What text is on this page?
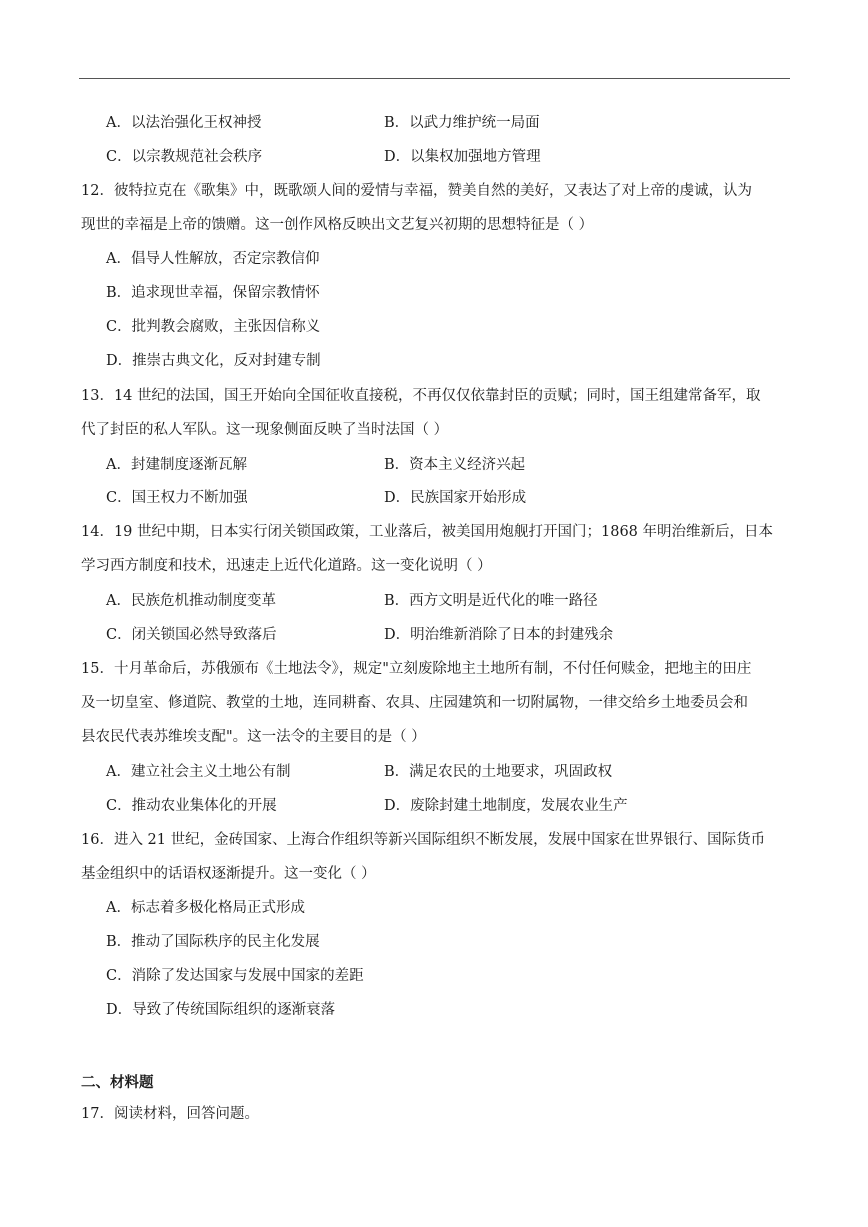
A．以法治强化王权神授	B．以武力维护统一局面
C．以宗教规范社会秩序	D．以集权加强地方管理
12．彼特拉克在《歌集》中，既歌颂人间的爱情与幸福，赞美自然的美好，又表达了对上帝的虔诚，认为
现世的幸福是上帝的馈赠。这一创作风格反映出文艺复兴初期的思想特征是（ ）
A．倡导人性解放，否定宗教信仰
B．追求现世幸福，保留宗教情怀
C．批判教会腐败，主张因信称义
D．推崇古典文化，反对封建专制
13．14 世纪的法国，国王开始向全国征收直接税，不再仅仅依靠封臣的贡赋；同时，国王组建常备军，取
代了封臣的私人军队。这一现象侧面反映了当时法国（ ）
A．封建制度逐渐瓦解	B．资本主义经济兴起
C．国王权力不断加强	D．民族国家开始形成
14．19 世纪中期，日本实行闭关锁国政策，工业落后，被美国用炮舰打开国门；1868 年明治维新后，日本
学习西方制度和技术，迅速走上近代化道路。这一变化说明（ ）
A．民族危机推动制度变革	B．西方文明是近代化的唯一路径
C．闭关锁国必然导致落后	D．明治维新消除了日本的封建残余
15．十月革命后，苏俄颁布《土地法令》，规定"立刻废除地主土地所有制，不付任何赎金，把地主的田庄
及一切皇室、修道院、教堂的土地，连同耕畜、农具、庄园建筑和一切附属物，一律交给乡土地委员会和
县农民代表苏维埃支配"。这一法令的主要目的是（ ）
A．建立社会主义土地公有制	B．满足农民的土地要求，巩固政权
C．推动农业集体化的开展	D．废除封建土地制度，发展农业生产
16．进入 21 世纪，金砖国家、上海合作组织等新兴国际组织不断发展，发展中国家在世界银行、国际货币
基金组织中的话语权逐渐提升。这一变化（ ）
A．标志着多极化格局正式形成
B．推动了国际秩序的民主化发展
C．消除了发达国家与发展中国家的差距
D．导致了传统国际组织的逐渐衰落
二、材料题
17．阅读材料，回答问题。
